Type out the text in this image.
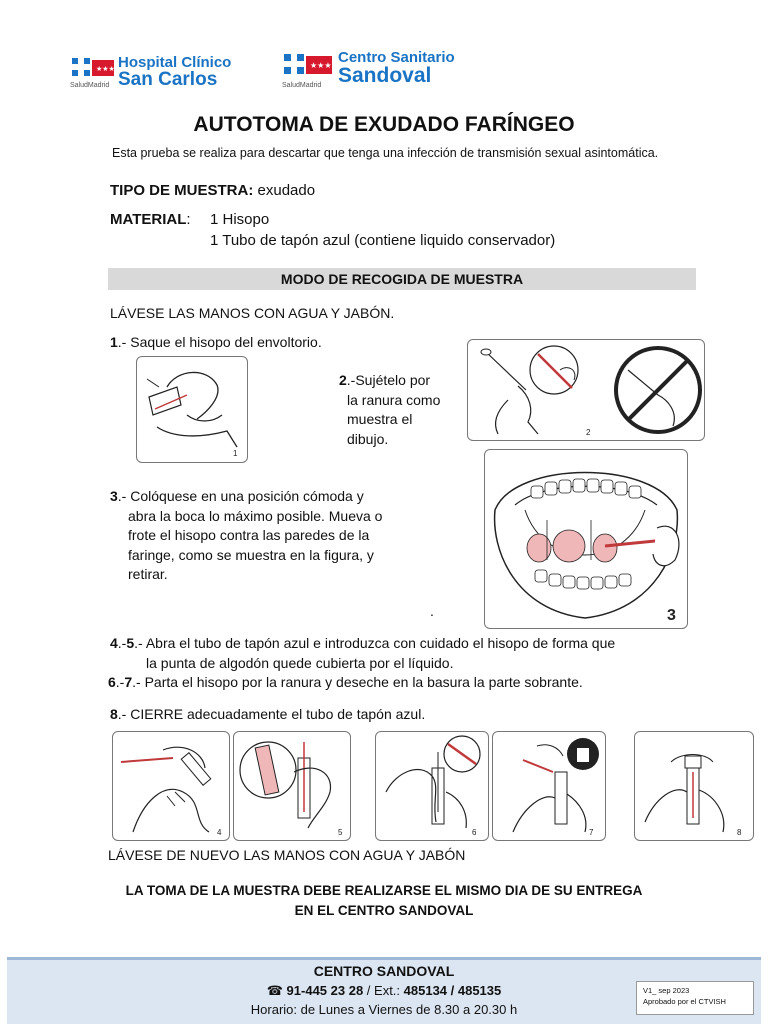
★★★ Hospital Clínico
San Carlos
SaludMadrid
★★★ Centro Sanitario
Sandoval
SaludMadrid
AUTOTOMA DE EXUDADO FARÍNGEO
Esta prueba se realiza para descartar que tenga una infección de transmisión sexual asintomática.
TIPO DE MUESTRA: exudado
MATERIAL: 1 Hisopo
1 Tubo de tapón azul (contiene liquido conservador)
MODO DE RECOGIDA DE MUESTRA
LÁVESE LAS MANOS CON AGUA Y JABÓN.
1.- Saque el hisopo del envoltorio.
1
2.-Sujételo por
la ranura como
muestra el
dibujo.	2
3.- Colóquese en una posición cómoda y
abra la boca lo máximo posible. Mueva o
frote el hisopo contra las paredes de la
faringe, como se muestra en la figura, y
retirar.
3
.
4.-5.- Abra el tubo de tapón azul e introduzca con cuidado el hisopo de forma que
la punta de algodón quede cubierta por el líquido.
6.-7.- Parta el hisopo por la ranura y deseche en la basura la parte sobrante.
8.- CIERRE adecuadamente el tubo de tapón azul.
4	5	6	7	8
LÁVESE DE NUEVO LAS MANOS CON AGUA Y JABÓN
LA TOMA DE LA MUESTRA DEBE REALIZARSE EL MISMO DIA DE SU ENTREGA
EN EL CENTRO SANDOVAL
CENTRO SANDOVAL
☎ 91-445 23 28 / Ext.: 485134 / 485135
Horario: de Lunes a Viernes de 8.30 a 20.30 h
V1_ sep 2023
Aprobado por el CTVISH
